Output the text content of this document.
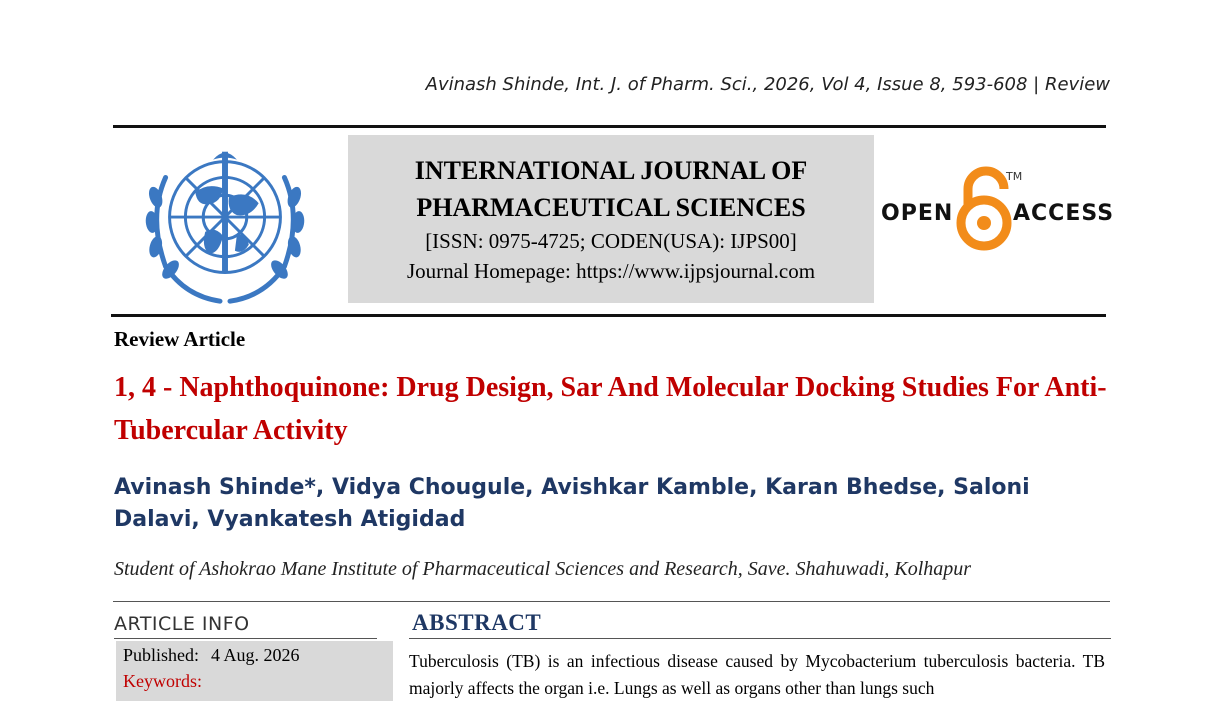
Avinash Shinde, Int. J. of Pharm. Sci., 2026, Vol 4, Issue 8, 593-608 | Review
INTERNATIONAL JOURNAL OF
PHARMACEUTICAL SCIENCES
[ISSN: 0975-4725; CODEN(USA): IJPS00]
Journal Homepage: https://www.ijpsjournal.com
OPEN	ACCESS
TM
Review Article
1, 4 - Naphthoquinone: Drug Design, Sar And Molecular Docking Studies For Anti-Tubercular Activity
Avinash Shinde*, Vidya Chougule, Avishkar Kamble, Karan Bhedse, Saloni Dalavi, Vyankatesh Atigidad
Student of Ashokrao Mane Institute of Pharmaceutical Sciences and Research, Save. Shahuwadi, Kolhapur
ARTICLE INFO
Published: 4 Aug. 2026
Keywords:
ABSTRACT
Tuberculosis (TB) is an infectious disease caused by Mycobacterium tuberculosis bacteria. TB majorly affects the organ i.e. Lungs as well as organs other than lungs such
